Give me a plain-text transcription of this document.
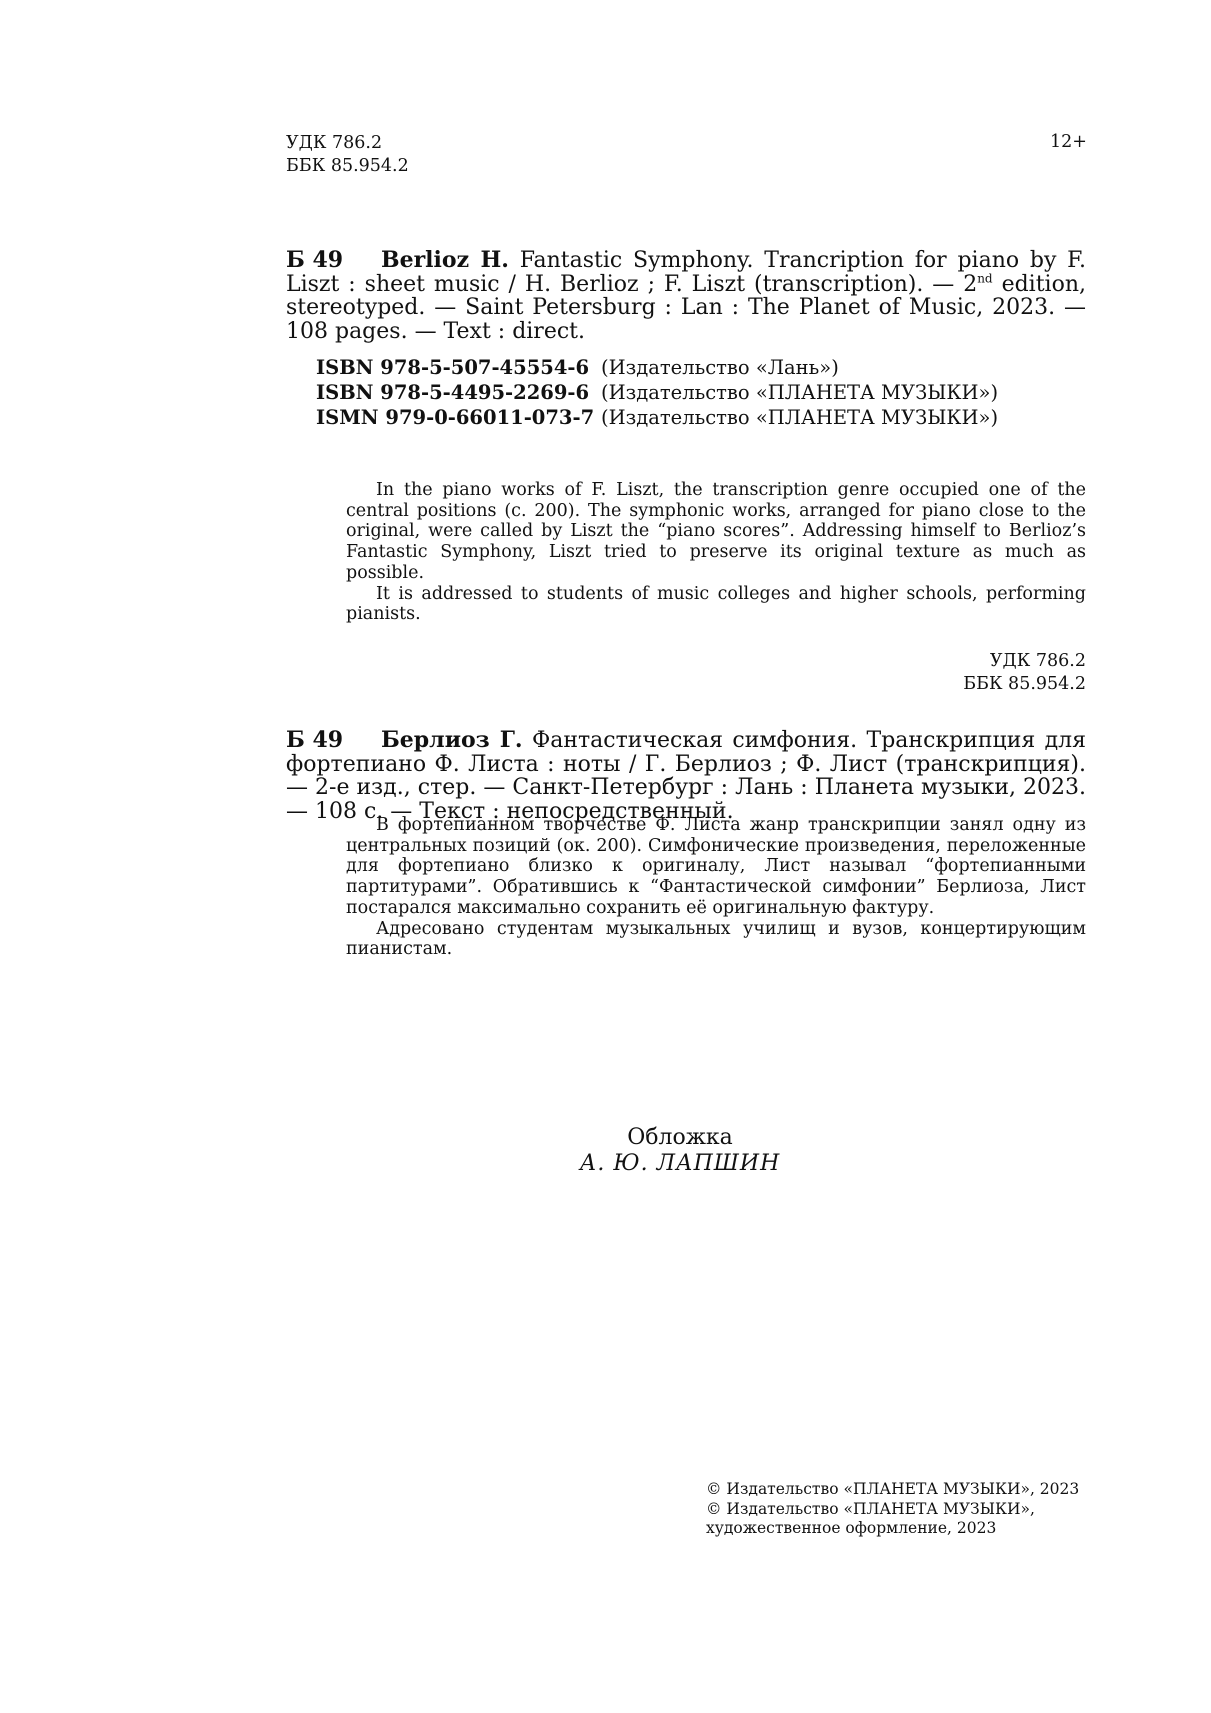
УДК 786.2
ББК 85.954.2
12+
Б 49	Berlioz H. Fantastic Symphony. Trancription for piano by F. Liszt : sheet music / H. Berlioz ; F. Liszt (transcription). — 2nd edition, stereotyped. — Saint Petersburg : Lan : The Planet of Music, 2023. — 108 pages. — Text : direct.
ISBN 978-5-507-45554-6 (Издательство «Лань»)
ISBN 978-5-4495-2269-6 (Издательство «ПЛАНЕТА МУЗЫКИ»)
ISMN 979-0-66011-073-7 (Издательство «ПЛАНЕТА МУЗЫКИ»)

In the piano works of F. Liszt, the transcription genre occupied one of the central positions (c. 200). The symphonic works, arranged for piano close to the original, were called by Liszt the “piano scores”. Addressing himself to Berlioz’s Fantastic Symphony, Liszt tried to preserve its original texture as much as possible.

It is addressed to students of music colleges and higher schools, performing pianists.

УДК 786.2
ББК 85.954.2
Б 49	Берлиоз Г. Фантастическая симфония. Транскрипция для фортепиано Ф. Листа : ноты / Г. Берлиоз ; Ф. Лист (транскрипция). — 2-е изд., стер. — Санкт-Петербург : Лань : Планета музыки, 2023. — 108 с. — Текст : непосредственный.

В фортепианном творчестве Ф. Листа жанр транскрипции занял одну из центральных позиций (ок. 200). Симфонические произведения, переложенные для фортепиано близко к оригиналу, Лист называл “фортепианными партитурами”. Обратившись к “Фантастической симфонии” Берлиоза, Лист постарался максимально сохранить её оригинальную фактуру.

Адресовано студентам музыкальных училищ и вузов, концертирующим пианистам.

Обложка
А. Ю. ЛАПШИН

© Издательство «ПЛАНЕТА МУЗЫКИ», 2023

© Издательство «ПЛАНЕТА МУЗЫКИ», художественное оформление, 2023
